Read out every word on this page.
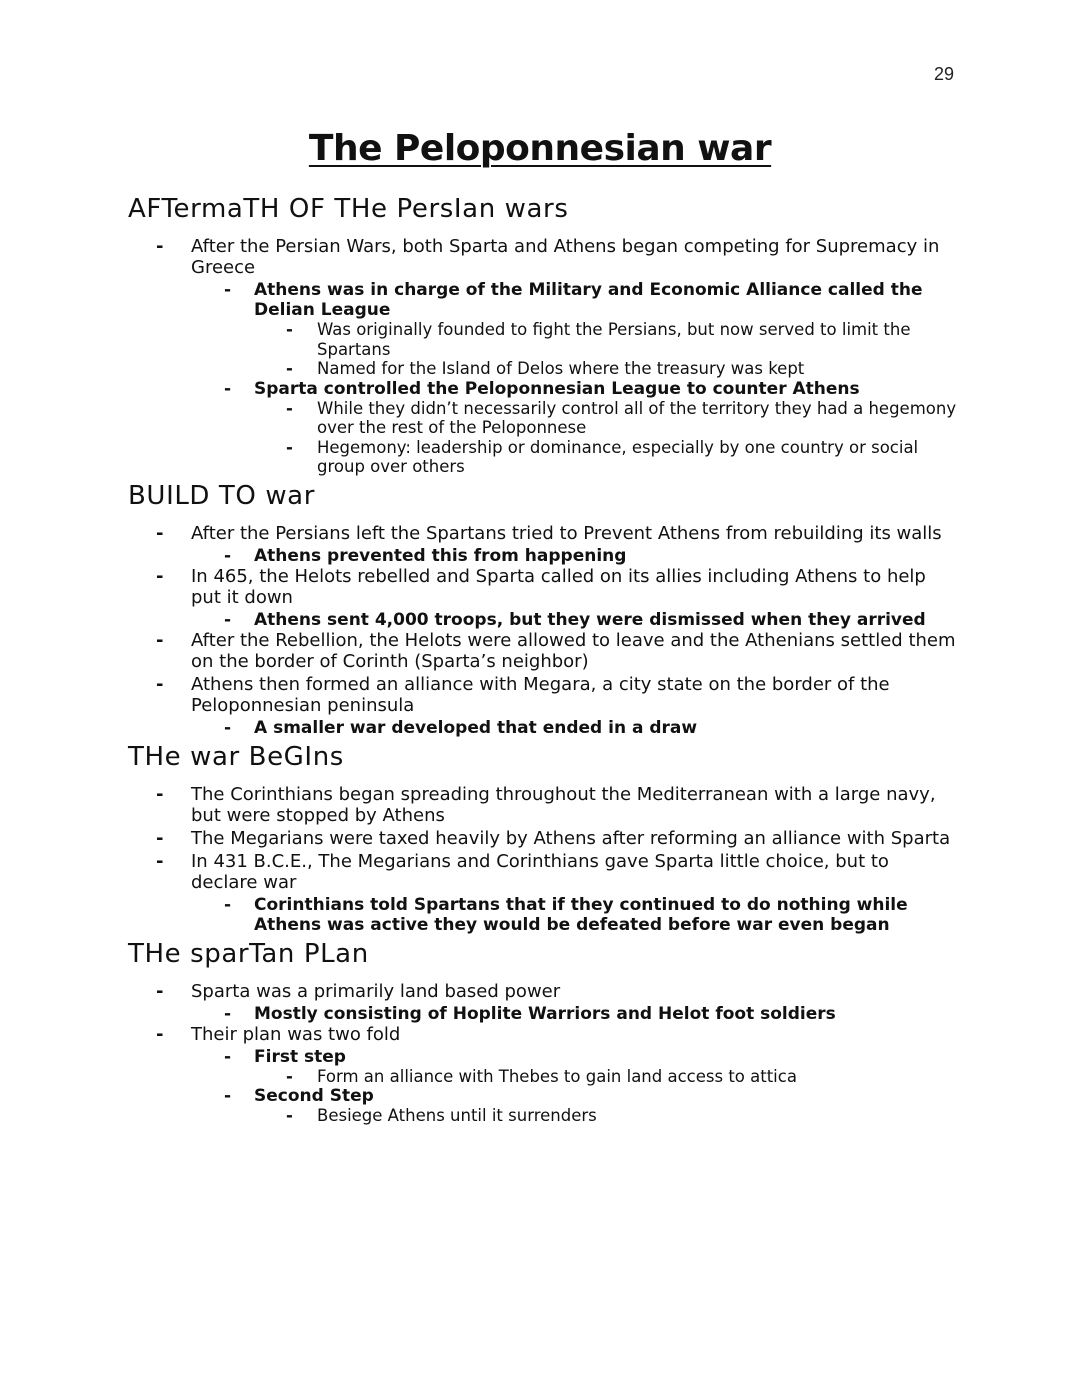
29
The Peloponnesian war
AFTermaTH OF THe PersIan wars
- After the Persian Wars, both Sparta and Athens began competing for Supremacy in Greece
- Athens was in charge of the Military and Economic Alliance called the Delian League
- Was originally founded to fight the Persians, but now served to limit the Spartans
- Named for the Island of Delos where the treasury was kept
- Sparta controlled the Peloponnesian League to counter Athens
- While they didn’t necessarily control all of the territory they had a hegemony over the rest of the Peloponnese
- Hegemony: leadership or dominance, especially by one country or social group over others
BUILD TO war
- After the Persians left the Spartans tried to Prevent Athens from rebuilding its walls
- Athens prevented this from happening
- In 465, the Helots rebelled and Sparta called on its allies including Athens to help put it down
- Athens sent 4,000 troops, but they were dismissed when they arrived
- After the Rebellion, the Helots were allowed to leave and the Athenians settled them on the border of Corinth (Sparta’s neighbor)
- Athens then formed an alliance with Megara, a city state on the border of the Peloponnesian peninsula
- A smaller war developed that ended in a draw
THe war BeGIns
- The Corinthians began spreading throughout the Mediterranean with a large navy, but were stopped by Athens
- The Megarians were taxed heavily by Athens after reforming an alliance with Sparta
- In 431 B.C.E., The Megarians and Corinthians gave Sparta little choice, but to declare war
- Corinthians told Spartans that if they continued to do nothing while Athens was active they would be defeated before war even began
THe sparTan PLan
- Sparta was a primarily land based power
- Mostly consisting of Hoplite Warriors and Helot foot soldiers
- Their plan was two fold
- First step
- Form an alliance with Thebes to gain land access to attica
- Second Step
- Besiege Athens until it surrenders
